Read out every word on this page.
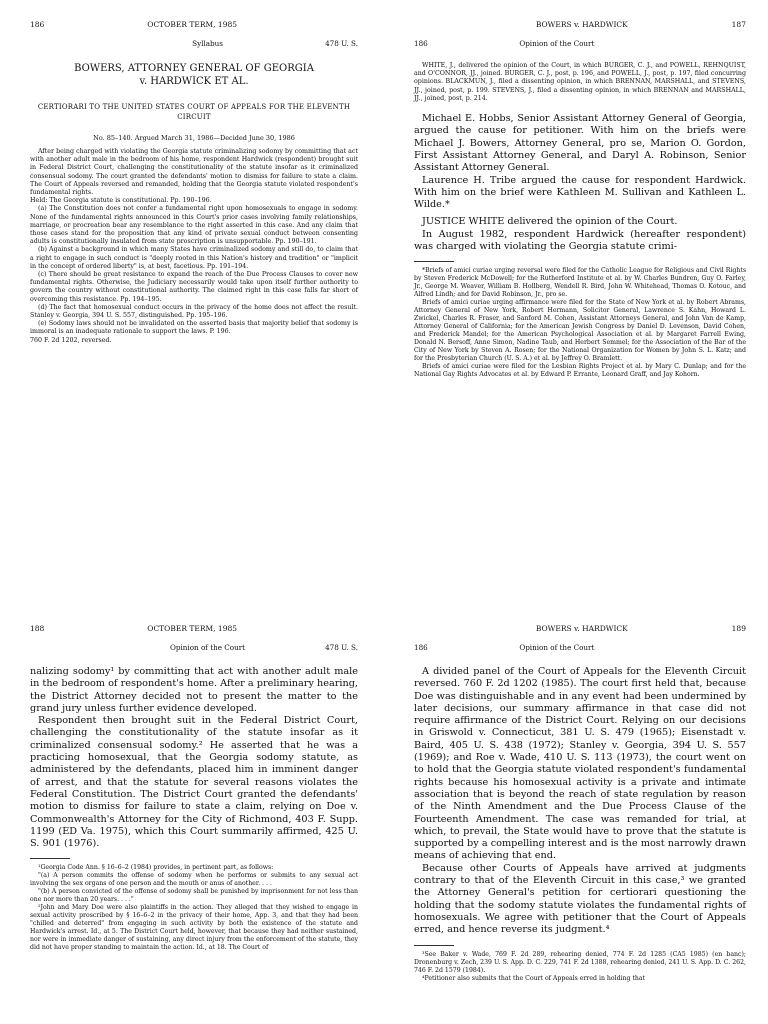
186	OCTOBER TERM, 1985
Syllabus	478 U. S.
BOWERS, ATTORNEY GENERAL OF GEORGIA
v. HARDWICK ET AL.
CERTIORARI TO THE UNITED STATES COURT OF APPEALS FOR THE ELEVENTH CIRCUIT
No. 85–140. Argued March 31, 1986—Decided June 30, 1986

After being charged with violating the Georgia statute criminalizing sodomy by committing that act with another adult male in the bedroom of his home, respondent Hardwick (respondent) brought suit in Federal District Court, challenging the constitutionality of the statute insofar as it criminalized consensual sodomy. The court granted the defendants' motion to dismiss for failure to state a claim. The Court of Appeals reversed and remanded, holding that the Georgia statute violated respondent's fundamental rights.

Held: The Georgia statute is constitutional. Pp. 190–196.

(a) The Constitution does not confer a fundamental right upon homosexuals to engage in sodomy. None of the fundamental rights announced in this Court's prior cases involving family relationships, marriage, or procreation bear any resemblance to the right asserted in this case. And any claim that those cases stand for the proposition that any kind of private sexual conduct between consenting adults is constitutionally insulated from state proscription is unsupportable. Pp. 190–191.

(b) Against a background in which many States have criminalized sodomy and still do, to claim that a right to engage in such conduct is "deeply rooted in this Nation's history and tradition" or "implicit in the concept of ordered liberty" is, at best, facetious. Pp. 191–194.

(c) There should be great resistance to expand the reach of the Due Process Clauses to cover new fundamental rights. Otherwise, the Judiciary necessarily would take upon itself further authority to govern the country without constitutional authority. The claimed right in this case falls far short of overcoming this resistance. Pp. 194–195.

(d) The fact that homosexual conduct occurs in the privacy of the home does not affect the result. Stanley v. Georgia, 394 U. S. 557, distinguished. Pp. 195–196.

(e) Sodomy laws should not be invalidated on the asserted basis that majority belief that sodomy is immoral is an inadequate rationale to support the laws. P. 196.

760 F. 2d 1202, reversed.

BOWERS v. HARDWICK	187
186	Opinion of the Court

WHITE, J., delivered the opinion of the Court, in which BURGER, C. J., and POWELL, REHNQUIST, and O'CONNOR, JJ., joined. BURGER, C. J., post, p. 196, and POWELL, J., post, p. 197, filed concurring opinions. BLACKMUN, J., filed a dissenting opinion, in which BRENNAN, MARSHALL, and STEVENS, JJ., joined, post, p. 199. STEVENS, J., filed a dissenting opinion, in which BRENNAN and MARSHALL, JJ., joined, post, p. 214.

Michael E. Hobbs, Senior Assistant Attorney General of Georgia, argued the cause for petitioner. With him on the briefs were Michael J. Bowers, Attorney General, pro se, Marion O. Gordon, First Assistant Attorney General, and Daryl A. Robinson, Senior Assistant Attorney General.

Laurence H. Tribe argued the cause for respondent Hardwick. With him on the brief were Kathleen M. Sullivan and Kathleen L. Wilde.*

JUSTICE WHITE delivered the opinion of the Court.

In August 1982, respondent Hardwick (hereafter respondent) was charged with violating the Georgia statute crimi-

*Briefs of amici curiae urging reversal were filed for the Catholic League for Religious and Civil Rights by Steven Frederick McDowell; for the Rutherford Institute et al. by W. Charles Bundren, Guy O. Farley, Jr., George M. Weaver, William B. Hollberg, Wendell R. Bird, John W. Whitehead, Thomas O. Kotouc, and Alfred Lindh; and for David Robinson, Jr., pro se.

Briefs of amici curiae urging affirmance were filed for the State of New York et al. by Robert Abrams, Attorney General of New York, Robert Hermann, Solicitor General, Lawrence S. Kahn, Howard L. Zwickel, Charles R. Fraser, and Sanford M. Cohen, Assistant Attorneys General, and John Van de Kamp, Attorney General of California; for the American Jewish Congress by Daniel D. Levenson, David Cohen, and Frederick Mandel; for the American Psychological Association et al. by Margaret Farrell Ewing, Donald N. Bersoff, Anne Simon, Nadine Taub, and Herbert Semmel; for the Association of the Bar of the City of New York by Steven A. Rosen; for the National Organization for Women by John S. L. Katz; and for the Presbyterian Church (U. S. A.) et al. by Jeffrey O. Bramlett.

Briefs of amici curiae were filed for the Lesbian Rights Project et al. by Mary C. Dunlap; and for the National Gay Rights Advocates et al. by Edward P. Errante, Leonard Graff, and Jay Kohorn.

188	OCTOBER TERM, 1985
Opinion of the Court	478 U. S.

nalizing sodomy¹ by committing that act with another adult male in the bedroom of respondent's home. After a preliminary hearing, the District Attorney decided not to present the matter to the grand jury unless further evidence developed.

Respondent then brought suit in the Federal District Court, challenging the constitutionality of the statute insofar as it criminalized consensual sodomy.² He asserted that he was a practicing homosexual, that the Georgia sodomy statute, as administered by the defendants, placed him in imminent danger of arrest, and that the statute for several reasons violates the Federal Constitution. The District Court granted the defendants' motion to dismiss for failure to state a claim, relying on Doe v. Commonwealth's Attorney for the City of Richmond, 403 F. Supp. 1199 (ED Va. 1975), which this Court summarily affirmed, 425 U. S. 901 (1976).

¹Georgia Code Ann. § 16–6–2 (1984) provides, in pertinent part, as follows:

"(a) A person commits the offense of sodomy when he performs or submits to any sexual act involving the sex organs of one person and the mouth or anus of another. . . .

"(b) A person convicted of the offense of sodomy shall be punished by imprisonment for not less than one nor more than 20 years. . . ."

²John and Mary Doe were also plaintiffs in the action. They alleged that they wished to engage in sexual activity proscribed by § 16–6–2 in the privacy of their home, App. 3, and that they had been "chilled and deterred" from engaging in such activity by both the existence of the statute and Hardwick's arrest. Id., at 5. The District Court held, however, that because they had neither sustained, nor were in immediate danger of sustaining, any direct injury from the enforcement of the statute, they did not have proper standing to maintain the action. Id., at 18. The Court of

BOWERS v. HARDWICK	189
186	Opinion of the Court

A divided panel of the Court of Appeals for the Eleventh Circuit reversed. 760 F. 2d 1202 (1985). The court first held that, because Doe was distinguishable and in any event had been undermined by later decisions, our summary affirmance in that case did not require affirmance of the District Court. Relying on our decisions in Griswold v. Connecticut, 381 U. S. 479 (1965); Eisenstadt v. Baird, 405 U. S. 438 (1972); Stanley v. Georgia, 394 U. S. 557 (1969); and Roe v. Wade, 410 U. S. 113 (1973), the court went on to hold that the Georgia statute violated respondent's fundamental rights because his homosexual activity is a private and intimate association that is beyond the reach of state regulation by reason of the Ninth Amendment and the Due Process Clause of the Fourteenth Amendment. The case was remanded for trial, at which, to prevail, the State would have to prove that the statute is supported by a compelling interest and is the most narrowly drawn means of achieving that end.

Because other Courts of Appeals have arrived at judgments contrary to that of the Eleventh Circuit in this case,³ we granted the Attorney General's petition for certiorari questioning the holding that the sodomy statute violates the fundamental rights of homosexuals. We agree with petitioner that the Court of Appeals erred, and hence reverse its judgment.⁴

³See Baker v. Wade, 769 F. 2d 289, rehearing denied, 774 F. 2d 1285 (CA5 1985) (en banc); Dronenburg v. Zech, 239 U. S. App. D. C. 229, 741 F. 2d 1388, rehearing denied, 241 U. S. App. D. C. 262, 746 F. 2d 1579 (1984).

⁴Petitioner also submits that the Court of Appeals erred in holding that
